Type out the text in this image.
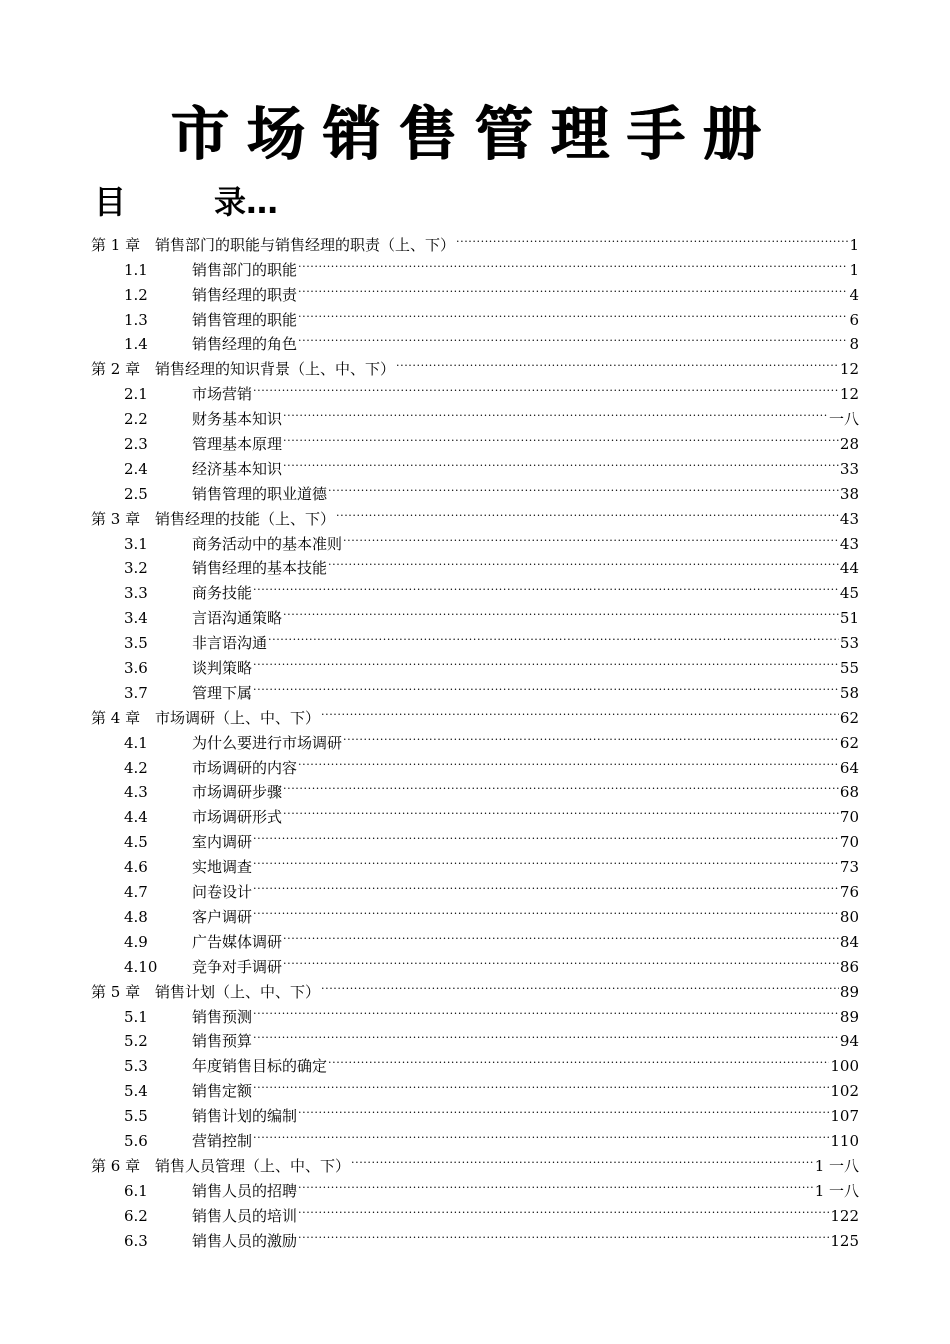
市场销售管理手册
目	录…
第 1 章 销售部门的职能与销售经理的职责（上、下） .....	1
1.1	销售部门的职能 .....	1
1.2	销售经理的职责 .....	4
1.3	销售管理的职能 .....	6
1.4	销售经理的角色 .....	8
第 2 章 销售经理的知识背景（上、中、下） .....	12
2.1	市场营销 .....	12
2.2	财务基本知识 .....	一八
2.3	管理基本原理 .....	28
2.4	经济基本知识 .....	33
2.5	销售管理的职业道德 .....	38
第 3 章 销售经理的技能（上、下） .....	43
3.1	商务活动中的基本准则 .....	43
3.2	销售经理的基本技能 .....	44
3.3	商务技能 .....	45
3.4	言语沟通策略 .....	51
3.5	非言语沟通 .....	53
3.6	谈判策略 .....	55
3.7	管理下属 .....	58
第 4 章 市场调研（上、中、下） .....	62
4.1	为什么要进行市场调研 .....	62
4.2	市场调研的内容 .....	64
4.3	市场调研步骤 .....	68
4.4	市场调研形式 .....	70
4.5	室内调研 .....	70
4.6	实地调查 .....	73
4.7	问卷设计 .....	76
4.8	客户调研 .....	80
4.9	广告媒体调研 .....	84
4.10	竞争对手调研 .....	86
第 5 章 销售计划（上、中、下） .....	89
5.1	销售预测 .....	89
5.2	销售预算 .....	94
5.3	年度销售目标的确定 .....	100
5.4	销售定额 .....	102
5.5	销售计划的编制 .....	107
5.6	营销控制 .....	110
第 6 章 销售人员管理（上、中、下） .....	1 一八
6.1	销售人员的招聘 .....	1 一八
6.2	销售人员的培训 .....	122
6.3	销售人员的激励 .....	125
